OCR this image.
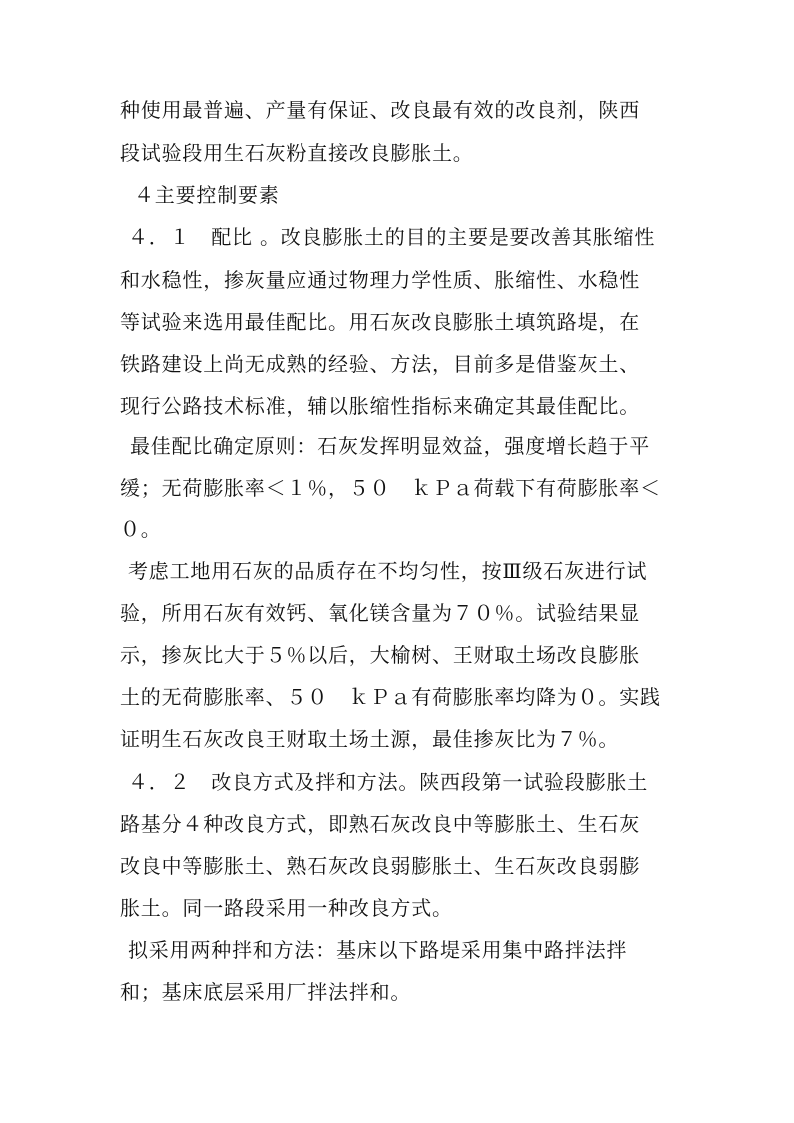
种使用最普遍、产量有保证、改良最有效的改良剂，陕西
段试验段用生石灰粉直接改良膨胀土。
４主要控制要素
４．１　配比 。改良膨胀土的目的主要是要改善其胀缩性
和水稳性，掺灰量应通过物理力学性质、胀缩性、水稳性
等试验来选用最佳配比。用石灰改良膨胀土填筑路堤，在
铁路建设上尚无成熟的经验、方法，目前多是借鉴灰土、
现行公路技术标准，辅以胀缩性指标来确定其最佳配比。
最佳配比确定原则：石灰发挥明显效益，强度增长趋于平
缓；无荷膨胀率＜１％，５０　ｋＰａ荷载下有荷膨胀率＜
０。
考虑工地用石灰的品质存在不均匀性，按Ⅲ级石灰进行试
验，所用石灰有效钙、氧化镁含量为７０％。试验结果显
示，掺灰比大于５％以后，大榆树、王财取土场改良膨胀
土的无荷膨胀率、５０　ｋＰａ有荷膨胀率均降为０。实践
证明生石灰改良王财取土场土源，最佳掺灰比为７％。
４．２　改良方式及拌和方法。陕西段第一试验段膨胀土
路基分４种改良方式，即熟石灰改良中等膨胀土、生石灰
改良中等膨胀土、熟石灰改良弱膨胀土、生石灰改良弱膨
胀土。同一路段采用一种改良方式。
拟采用两种拌和方法：基床以下路堤采用集中路拌法拌
和；基床底层采用厂拌法拌和。
